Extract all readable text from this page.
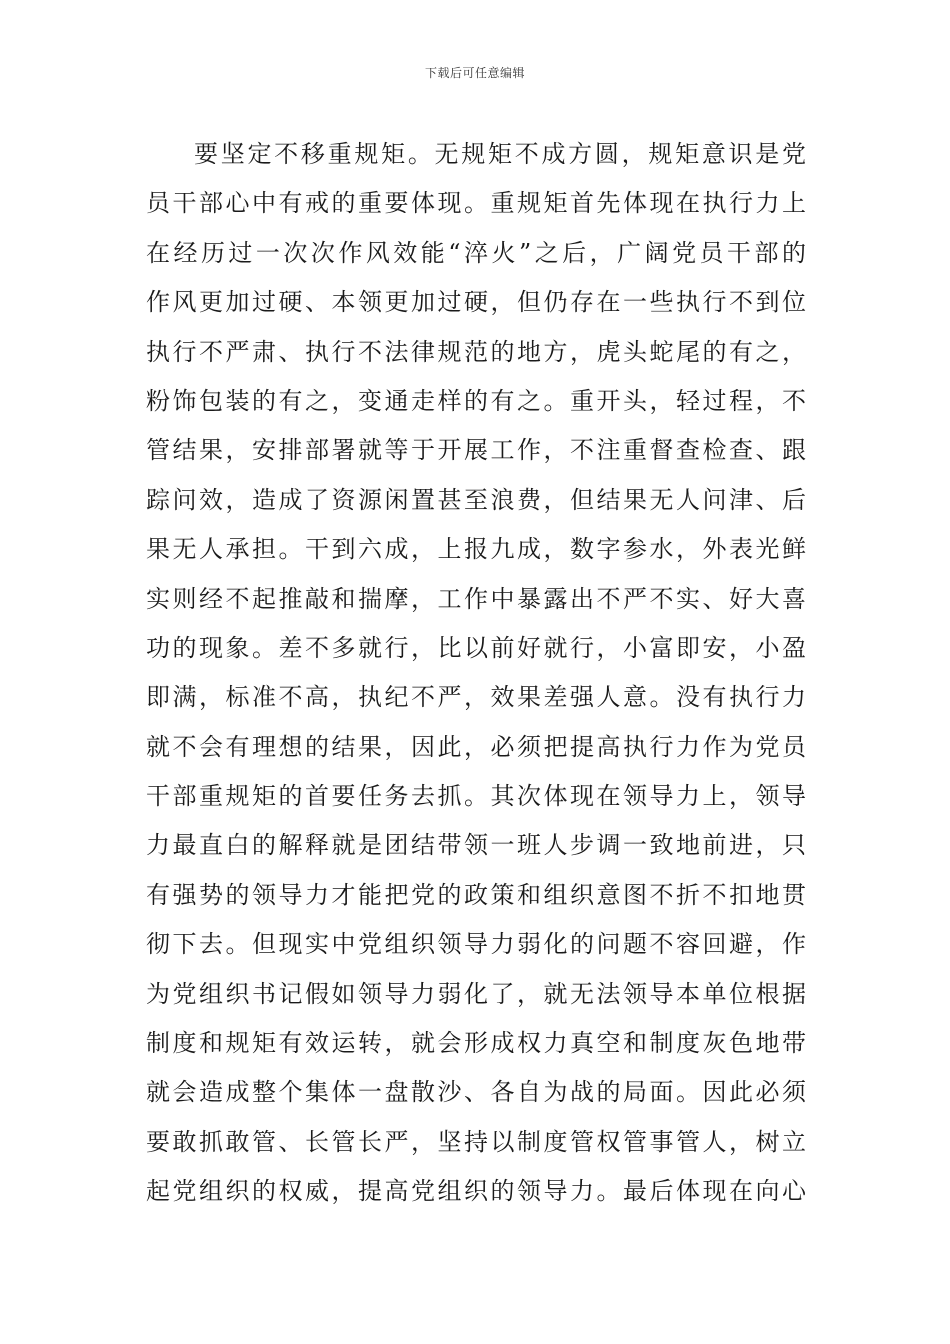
下载后可任意编辑
要坚定不移重规矩。无规矩不成方圆，规矩意识是党
员干部心中有戒的重要体现。重规矩首先体现在执行力上
在经历过一次次作风效能“淬火”之后，广阔党员干部的
作风更加过硬、本领更加过硬，但仍存在一些执行不到位
执行不严肃、执行不法律规范的地方，虎头蛇尾的有之，
粉饰包装的有之，变通走样的有之。重开头，轻过程，不
管结果，安排部署就等于开展工作，不注重督查检查、跟
踪问效，造成了资源闲置甚至浪费，但结果无人问津、后
果无人承担。干到六成，上报九成，数字参水，外表光鲜
实则经不起推敲和揣摩，工作中暴露出不严不实、好大喜
功的现象。差不多就行，比以前好就行，小富即安，小盈
即满，标准不高，执纪不严，效果差强人意。没有执行力
就不会有理想的结果，因此，必须把提高执行力作为党员
干部重规矩的首要任务去抓。其次体现在领导力上，领导
力最直白的解释就是团结带领一班人步调一致地前进，只
有强势的领导力才能把党的政策和组织意图不折不扣地贯
彻下去。但现实中党组织领导力弱化的问题不容回避，作
为党组织书记假如领导力弱化了，就无法领导本单位根据
制度和规矩有效运转，就会形成权力真空和制度灰色地带
就会造成整个集体一盘散沙、各自为战的局面。因此必须
要敢抓敢管、长管长严，坚持以制度管权管事管人，树立
起党组织的权威，提高党组织的领导力。最后体现在向心
